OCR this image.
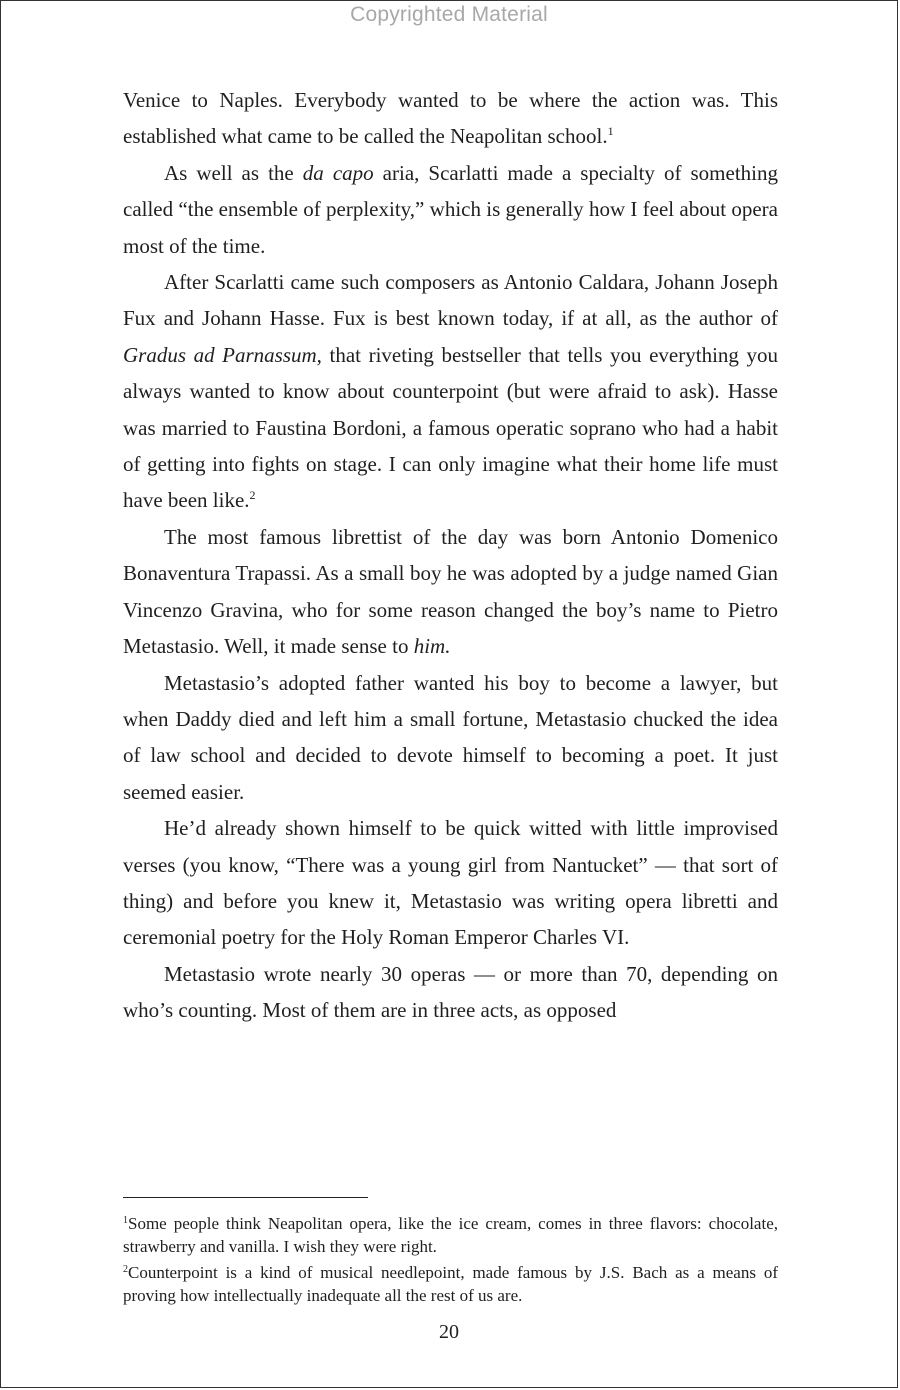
Copyrighted Material

Venice to Naples. Everybody wanted to be where the action was. This established what came to be called the Neapolitan school.$^1$

As well as the da capo aria, Scarlatti made a specialty of something called “the ensemble of perplexity,” which is generally how I feel about opera most of the time.

After Scarlatti came such composers as Antonio Caldara, Johann Joseph Fux and Johann Hasse. Fux is best known today, if at all, as the author of Gradus ad Parnassum, that riveting bestseller that tells you everything you always wanted to know about counterpoint (but were afraid to ask). Hasse was married to Faustina Bordoni, a famous operatic soprano who had a habit of getting into fights on stage. I can only imagine what their home life must have been like.$^2$

The most famous librettist of the day was born Antonio Domenico Bonaventura Trapassi. As a small boy he was adopted by a judge named Gian Vincenzo Gravina, who for some reason changed the boy’s name to Pietro Metastasio. Well, it made sense to him.

Metastasio’s adopted father wanted his boy to become a lawyer, but when Daddy died and left him a small fortune, Metastasio chucked the idea of law school and decided to devote himself to becoming a poet. It just seemed easier.

He’d already shown himself to be quick witted with little improvised verses (you know, “There was a young girl from Nantucket” — that sort of thing) and before you knew it, Metastasio was writing opera libretti and ceremonial poetry for the Holy Roman Emperor Charles VI.

Metastasio wrote nearly 30 operas — or more than 70, depending on who’s counting. Most of them are in three acts, as opposed

$^1$Some people think Neapolitan opera, like the ice cream, comes in three flavors: chocolate, strawberry and vanilla. I wish they were right.

$^2$Counterpoint is a kind of musical needlepoint, made famous by J.S. Bach as a means of proving how intellectually inadequate all the rest of us are.

20
